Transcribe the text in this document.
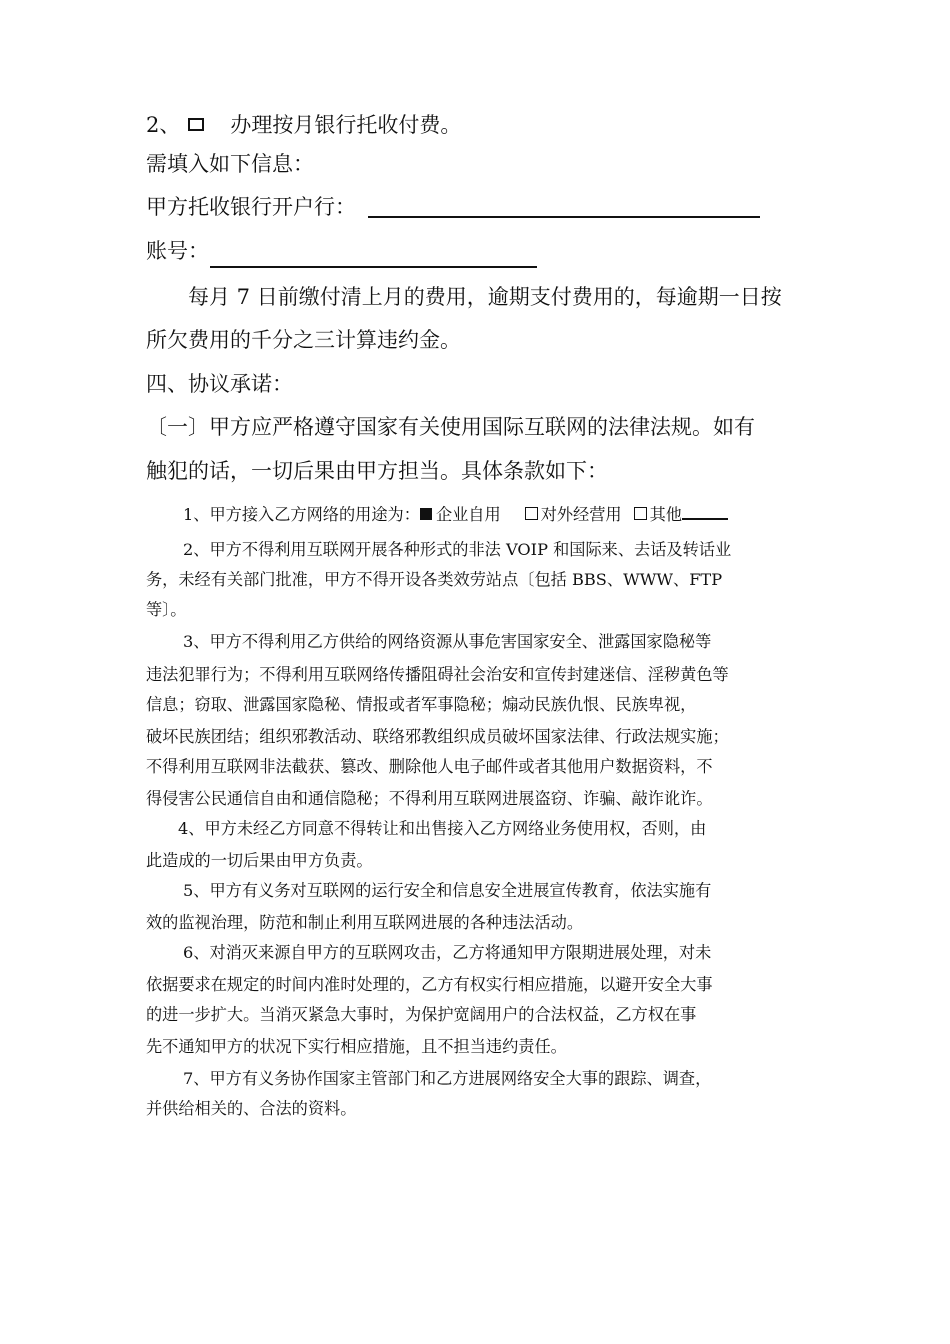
2、 办理按月银行托收付费。
需填入如下信息：
甲方托收银行开户行：
账号：
每月 7 日前缴付清上月的费用，逾期支付费用的，每逾期一日按
所欠费用的千分之三计算违约金。
四、协议承诺：
〔一〕甲方应严格遵守国家有关使用国际互联网的法律法规。如有
触犯的话，一切后果由甲方担当。具体条款如下：
1、甲方接入乙方网络的用途为： 企业自用 对外经营用 其他
2、甲方不得利用互联网开展各种形式的非法 VOIP 和国际来、去话及转话业
务，未经有关部门批准，甲方不得开设各类效劳站点〔包括 BBS、WWW、FTP
等〕。
3、甲方不得利用乙方供给的网络资源从事危害国家安全、泄露国家隐秘等
违法犯罪行为；不得利用互联网络传播阻碍社会治安和宣传封建迷信、淫秽黄色等
信息；窃取、泄露国家隐秘、情报或者军事隐秘；煽动民族仇恨、民族卑视，
破坏民族团结；组织邪教活动、联络邪教组织成员破坏国家法律、行政法规实施；
不得利用互联网非法截获、篡改、删除他人电子邮件或者其他用户数据资料，不
得侵害公民通信自由和通信隐秘；不得利用互联网进展盗窃、诈骗、敲诈讹诈。
4、甲方未经乙方同意不得转让和出售接入乙方网络业务使用权，否则，由
此造成的一切后果由甲方负责。
5、甲方有义务对互联网的运行安全和信息安全进展宣传教育，依法实施有
效的监视治理，防范和制止利用互联网进展的各种违法活动。
6、对消灭来源自甲方的互联网攻击，乙方将通知甲方限期进展处理，对未
依据要求在规定的时间内准时处理的，乙方有权实行相应措施，以避开安全大事
的进一步扩大。当消灭紧急大事时，为保护宽阔用户的合法权益，乙方权在事
先不通知甲方的状况下实行相应措施，且不担当违约责任。
7、甲方有义务协作国家主管部门和乙方进展网络安全大事的跟踪、调查，
并供给相关的、合法的资料。
